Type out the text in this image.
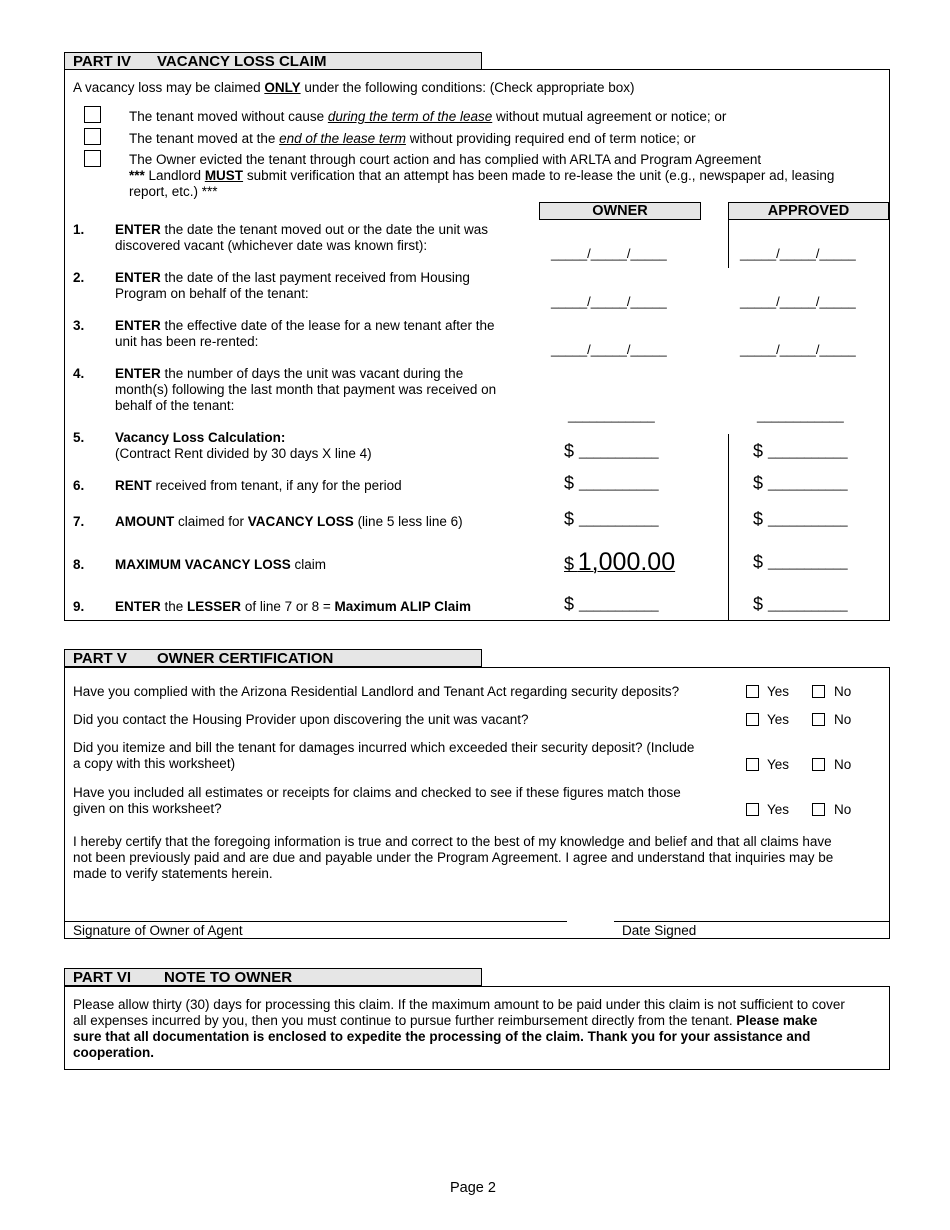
PART IV VACANCY LOSS CLAIM
A vacancy loss may be claimed ONLY under the following conditions: (Check appropriate box)
The tenant moved without cause during the term of the lease without mutual agreement or notice; or
The tenant moved at the end of the lease term without providing required end of term notice; or
The Owner evicted the tenant through court action and has complied with ARLTA and Program Agreement
*** Landlord MUST submit verification that an attempt has been made to re-lease the unit (e.g., newspaper ad, leasing
report, etc.) ***
OWNER	APPROVED
1. ENTER the date the tenant moved out or the date the unit was
discovered vacant (whichever date was known first):
_____/_____/_____	_____/_____/_____
2. ENTER the date of the last payment received from Housing
Program on behalf of the tenant:
_____/_____/_____	_____/_____/_____
3. ENTER the effective date of the lease for a new tenant after the
unit has been re-rented:
_____/_____/_____	_____/_____/_____
4. ENTER the number of days the unit was vacant during the
month(s) following the last month that payment was received on
behalf of the tenant:
____________	____________
5. Vacancy Loss Calculation:
(Contract Rent divided by 30 days X line 4)	$ ___________	$ ___________
6. RENT received from tenant, if any for the period	$ ___________	$ ___________
7. AMOUNT claimed for VACANCY LOSS (line 5 less line 6)	$ ___________	$ ___________
8. MAXIMUM VACANCY LOSS claim	$ 1,000.00	$ ___________
9. ENTER the LESSER of line 7 or 8 = Maximum ALIP Claim	$ ___________	$ ___________
PART V OWNER CERTIFICATION
Have you complied with the Arizona Residential Landlord and Tenant Act regarding security deposits?	Yes	No
Did you contact the Housing Provider upon discovering the unit was vacant?	Yes	No
Did you itemize and bill the tenant for damages incurred which exceeded their security deposit? (Include
a copy with this worksheet)	Yes	No
Have you included all estimates or receipts for claims and checked to see if these figures match those
given on this worksheet?	Yes	No
I hereby certify that the foregoing information is true and correct to the best of my knowledge and belief and that all claims have
not been previously paid and are due and payable under the Program Agreement. I agree and understand that inquiries may be
made to verify statements herein.
Signature of Owner of Agent	Date Signed
PART VI NOTE TO OWNER
Please allow thirty (30) days for processing this claim. If the maximum amount to be paid under this claim is not sufficient to cover
all expenses incurred by you, then you must continue to pursue further reimbursement directly from the tenant. Please make
sure that all documentation is enclosed to expedite the processing of the claim. Thank you for your assistance and
cooperation.
Page 2
